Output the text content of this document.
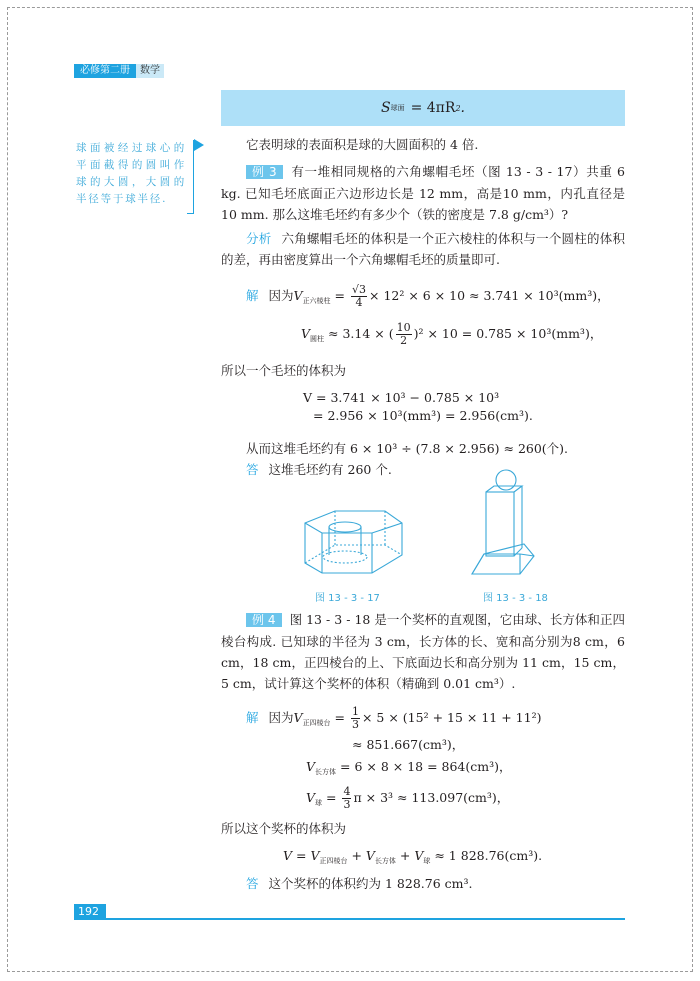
必修第二册	数学
S 球面 = 4πR 2 .
球面被经过球心的平面截得的圆叫作球的大圆，大圆的半径等于球半径.
它表明球的表面积是球的大圆面积的 4 倍.
例 3 有一堆相同规格的六角螺帽毛坯（图 13 - 3 - 17）共重 6 kg. 已知毛坯底面正六边形边长是 12 mm，高是10 mm，内孔直径是 10 mm. 那么这堆毛坯约有多少个（铁的密度是 7.8 g/cm³）?
分析 六角螺帽毛坯的体积是一个正六棱柱的体积与一个圆柱的体积的差，再由密度算出一个六角螺帽毛坯的质量即可.
解 因为$V_{正六棱柱} = \frac{√3}{4} \times 12^2 \times 6 \times 10 \approx 3.741 \times 10^3(mm^3)$，
$V_{圆柱} \approx 3.14$ × ( $\frac{10}{2} )^2 \times 10 = 0.785 \times 10^3(mm^3)$，
所以一个毛坯的体积为
V = 3.741 × 10³ − 0.785 × 10³
= 2.956 × 10³(mm³) = 2.956(cm³).
从而这堆毛坯约有 6 × 10³ ÷ (7.8 × 2.956) ≈ 260(个).
答 这堆毛坯约有 260 个.
图 13 - 3 - 17	图 13 - 3 - 18
例 4 图 13 - 3 - 18 是一个奖杯的直观图，它由球、长方体和正四棱台构成. 已知球的半径为 3 cm，长方体的长、宽和高分别为8 cm，6 cm，18 cm，正四棱台的上、下底面边长和高分别为 11 cm，15 cm，5 cm，试计算这个奖杯的体积（精确到 0.01 cm³）.
解 因为$V_{正四棱台} = \frac{1}{3} \times 5 \times (15^2 + 15 \times 11 + 11^2)$
≈ 851.667(cm³)，
$V_{长方体} = 6 \times 8 \times 18 = 864(cm^3)$，
$V_球 = \frac{4}{3}$ π × 3³ ≈ 113.097(cm³)，
所以这个奖杯的体积为
$V = V_{正四棱台} + V_{长方体} + V_球 \approx 1$ 828.76(cm³).
答 这个奖杯的体积约为 1 828.76 cm³.
192
